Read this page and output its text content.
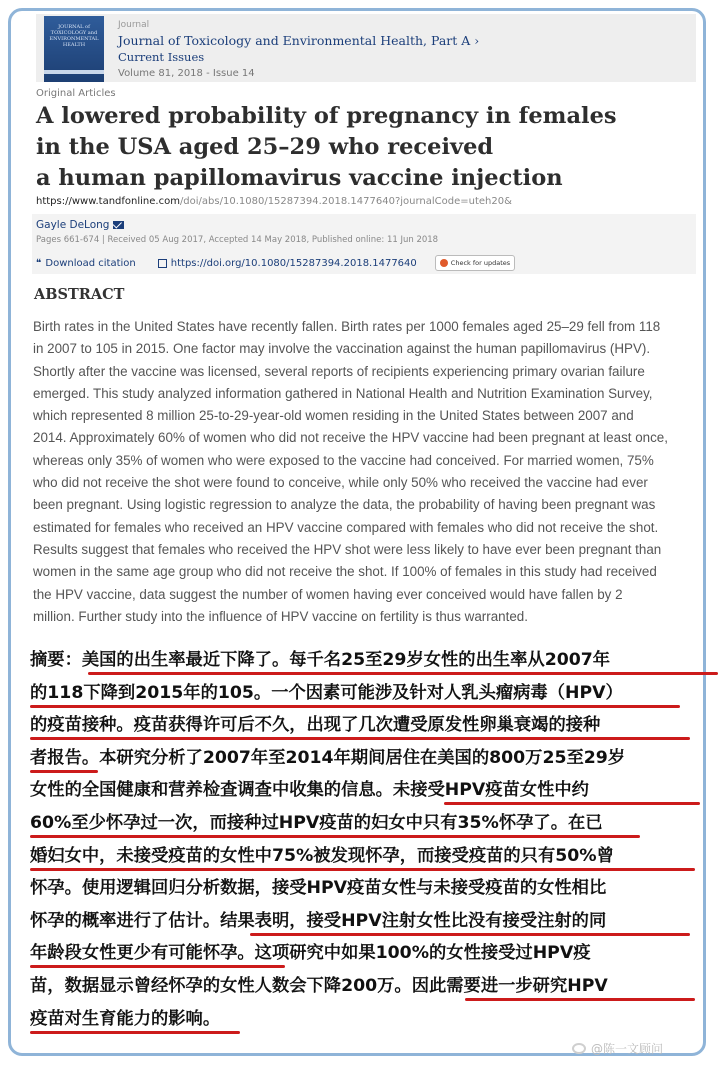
JOURNAL of
TOXICOLOGY and
ENVIRONMENTAL
HEALTH
Journal
Journal of Toxicology and Environmental Health, Part A ›
Current Issues
Volume 81, 2018 - Issue 14
Original Articles
A lowered probability of pregnancy in females
in the USA aged 25–29 who received
a human papillomavirus vaccine injection
https://www.tandfonline.com/doi/abs/10.1080/15287394.2018.1477640?journalCode=uteh20&
Gayle DeLong
Pages 661-674 | Received 05 Aug 2017, Accepted 14 May 2018, Published online: 11 Jun 2018
❝ Download citation	https://doi.org/10.1080/15287394.2018.1477640	Check for updates
ABSTRACT

Birth rates in the United States have recently fallen. Birth rates per 1000 females aged 25–29 fell from 118
in 2007 to 105 in 2015. One factor may involve the vaccination against the human papillomavirus (HPV).
Shortly after the vaccine was licensed, several reports of recipients experiencing primary ovarian failure
emerged. This study analyzed information gathered in National Health and Nutrition Examination Survey,
which represented 8 million 25-to-29-year-old women residing in the United States between 2007 and
2014. Approximately 60% of women who did not receive the HPV vaccine had been pregnant at least once,
whereas only 35% of women who were exposed to the vaccine had conceived. For married women, 75%
who did not receive the shot were found to conceive, while only 50% who received the vaccine had ever
been pregnant. Using logistic regression to analyze the data, the probability of having been pregnant was
estimated for females who received an HPV vaccine compared with females who did not receive the shot.
Results suggest that females who received the HPV shot were less likely to have ever been pregnant than
women in the same age group who did not receive the shot. If 100% of females in this study had received
the HPV vaccine, data suggest the number of women having ever conceived would have fallen by 2
million. Further study into the influence of HPV vaccine on fertility is thus warranted.

摘要：美国的出生率最近下降了。每千名25至29岁女性的出生率从2007年
的118下降到2015年的105。一个因素可能涉及针对人乳头瘤病毒（HPV）
的疫苗接种。疫苗获得许可后不久，出现了几次遭受原发性卵巢衰竭的接种
者报告。本研究分析了2007年至2014年期间居住在美国的800万25至29岁
女性的全国健康和营养检查调查中收集的信息。未接受HPV疫苗女性中约
60%至少怀孕过一次，而接种过HPV疫苗的妇女中只有35%怀孕了。在已
婚妇女中，未接受疫苗的女性中75%被发现怀孕，而接受疫苗的只有50%曾
怀孕。使用逻辑回归分析数据，接受HPV疫苗女性与未接受疫苗的女性相比
怀孕的概率进行了估计。结果表明，接受HPV注射女性比没有接受注射的同
年龄段女性更少有可能怀孕。这项研究中如果100%的女性接受过HPV疫
苗，数据显示曾经怀孕的女性人数会下降200万。因此需要进一步研究HPV
疫苗对生育能力的影响。
@陈一文顾问
